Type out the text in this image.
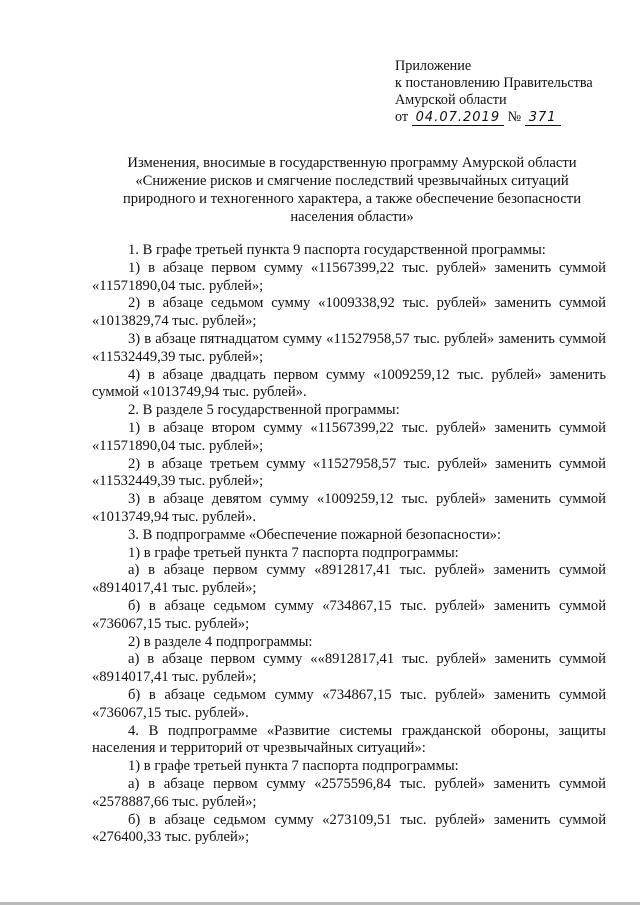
Приложение
к постановлению Правительства
Амурской области
от 04.07.2019 № 371
Изменения, вносимые в государственную программу Амурской области
«Снижение рисков и смягчение последствий чрезвычайных ситуаций
природного и техногенного характера, а также обеспечение безопасности
населения области»

1. В графе третьей пункта 9 паспорта государственной программы:

1) в абзаце первом сумму «11567399,22 тыс. рублей» заменить суммой «11571890,04 тыс. рублей»;

2) в абзаце седьмом сумму «1009338,92 тыс. рублей» заменить суммой «1013829,74 тыс. рублей»;

3) в абзаце пятнадцатом сумму «11527958,57 тыс. рублей» заменить суммой «11532449,39 тыс. рублей»;

4) в абзаце двадцать первом сумму «1009259,12 тыс. рублей» заменить суммой «1013749,94 тыс. рублей».

2. В разделе 5 государственной программы:

1) в абзаце втором сумму «11567399,22 тыс. рублей» заменить суммой «11571890,04 тыс. рублей»;

2) в абзаце третьем сумму «11527958,57 тыс. рублей» заменить суммой «11532449,39 тыс. рублей»;

3) в абзаце девятом сумму «1009259,12 тыс. рублей» заменить суммой «1013749,94 тыс. рублей».

3. В подпрограмме «Обеспечение пожарной безопасности»:

1) в графе третьей пункта 7 паспорта подпрограммы:

а) в абзаце первом сумму «8912817,41 тыс. рублей» заменить суммой «8914017,41 тыс. рублей»;

б) в абзаце седьмом сумму «734867,15 тыс. рублей» заменить суммой «736067,15 тыс. рублей»;

2) в разделе 4 подпрограммы:

а) в абзаце первом сумму ««8912817,41 тыс. рублей» заменить суммой «8914017,41 тыс. рублей»;

б) в абзаце седьмом сумму «734867,15 тыс. рублей» заменить суммой «736067,15 тыс. рублей».

4. В подпрограмме «Развитие системы гражданской обороны, защиты населения и территорий от чрезвычайных ситуаций»:

1) в графе третьей пункта 7 паспорта подпрограммы:

а) в абзаце первом сумму «2575596,84 тыс. рублей» заменить суммой «2578887,66 тыс. рублей»;

б) в абзаце седьмом сумму «273109,51 тыс. рублей» заменить суммой «276400,33 тыс. рублей»;
